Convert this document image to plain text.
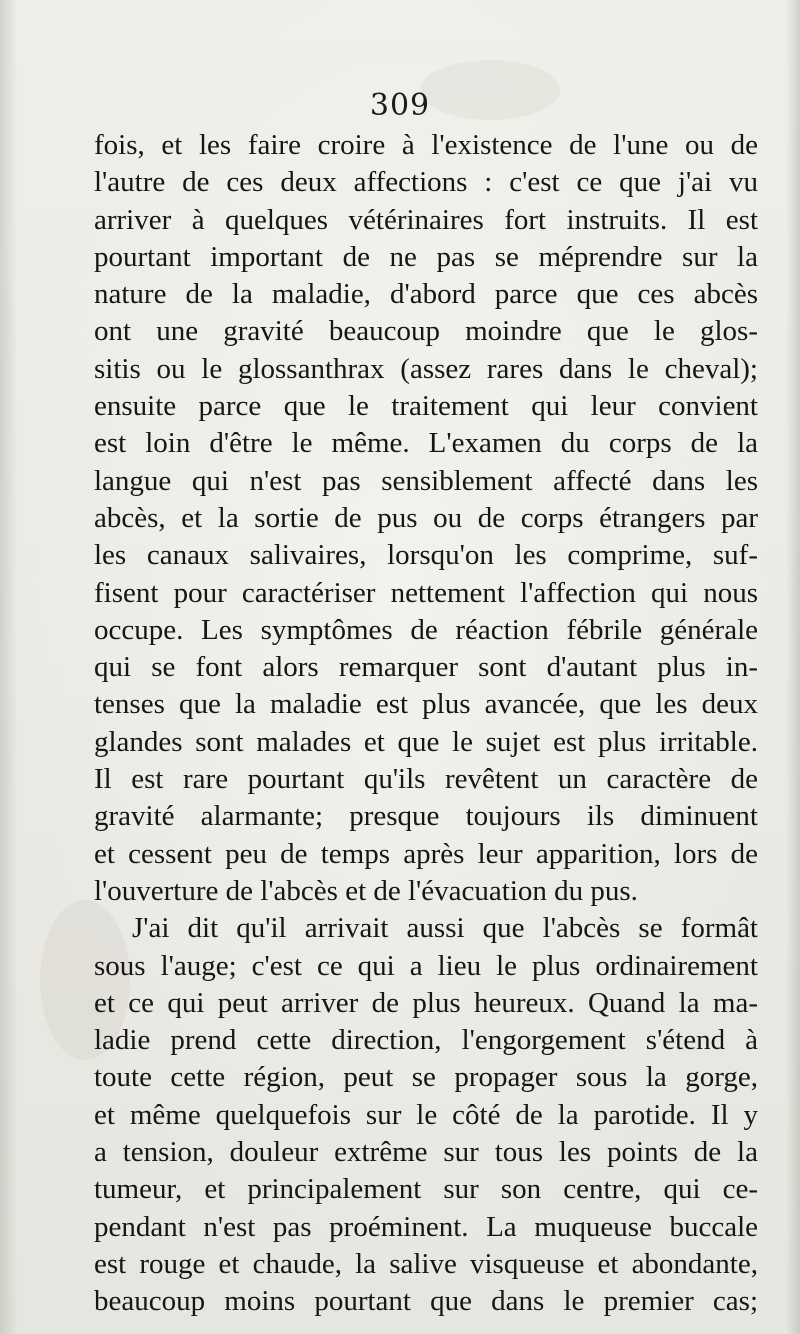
309
fois, et les faire croire à l'existence de l'une ou de
l'autre de ces deux affections : c'est ce que j'ai vu
arriver à quelques vétérinaires fort instruits. Il est
pourtant important de ne pas se méprendre sur la
nature de la maladie, d'abord parce que ces abcès
ont une gravité beaucoup moindre que le glos-
sitis ou le glossanthrax (assez rares dans le cheval);
ensuite parce que le traitement qui leur convient
est loin d'être le même. L'examen du corps de la
langue qui n'est pas sensiblement affecté dans les
abcès, et la sortie de pus ou de corps étrangers par
les canaux salivaires, lorsqu'on les comprime, suf-
fisent pour caractériser nettement l'affection qui nous
occupe. Les symptômes de réaction fébrile générale
qui se font alors remarquer sont d'autant plus in-
tenses que la maladie est plus avancée, que les deux
glandes sont malades et que le sujet est plus irritable.
Il est rare pourtant qu'ils revêtent un caractère de
gravité alarmante; presque toujours ils diminuent
et cessent peu de temps après leur apparition, lors de
l'ouverture de l'abcès et de l'évacuation du pus.
J'ai dit qu'il arrivait aussi que l'abcès se formât
sous l'auge; c'est ce qui a lieu le plus ordinairement
et ce qui peut arriver de plus heureux. Quand la ma-
ladie prend cette direction, l'engorgement s'étend à
toute cette région, peut se propager sous la gorge,
et même quelquefois sur le côté de la parotide. Il y
a tension, douleur extrême sur tous les points de la
tumeur, et principalement sur son centre, qui ce-
pendant n'est pas proéminent. La muqueuse buccale
est rouge et chaude, la salive visqueuse et abondante,
beaucoup moins pourtant que dans le premier cas;
